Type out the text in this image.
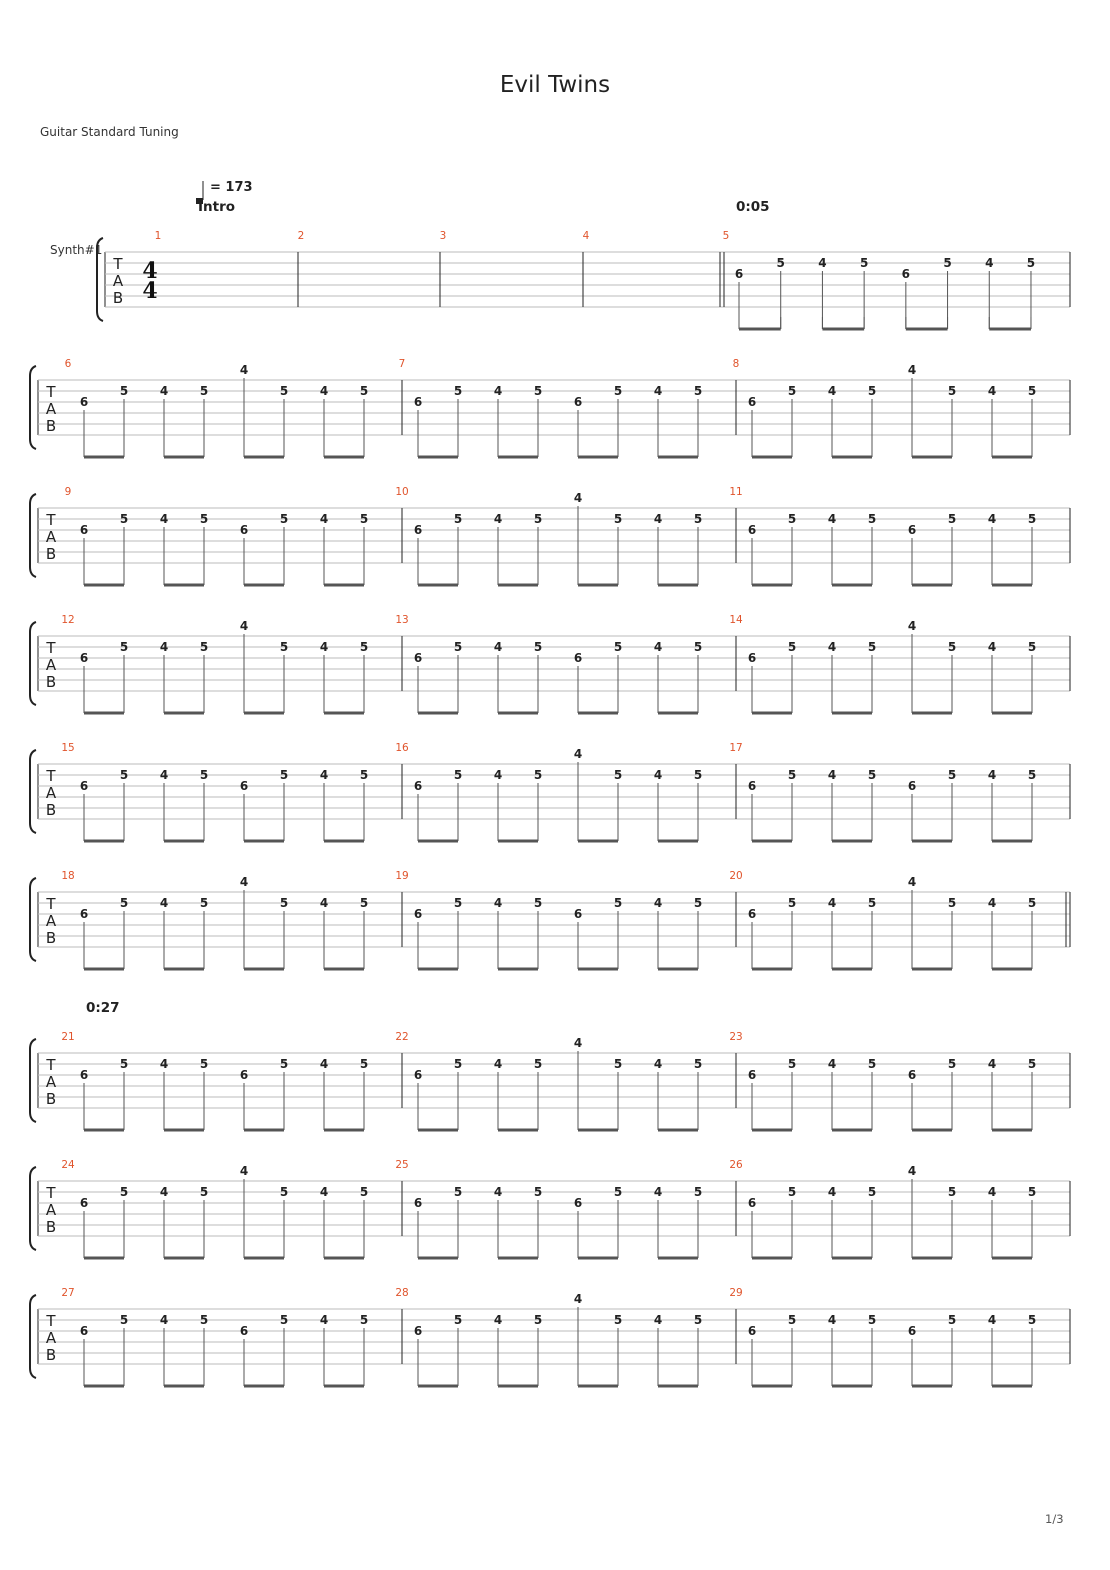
Evil Twins
Guitar Standard Tuning
= 173
Intro	0:05
0:27
Synth#1
1/3
T
A
B
4
4
1	2	3	4	5
6
5	4	5
6
5	4	5
T
A
B
6
6
5	4	5
4
5	4	5
7
6
5	4	5
6
5	4	5
8
6
5	4	5
4
5	4	5
T
A
B
9
6
5	4	5
6
5	4	5
10
6
5	4	5
4
5	4	5
11
6
5	4	5
6
5	4	5
T
A
B
12
6
5	4	5
4
5	4	5
13
6
5	4	5
6
5	4	5
14
6
5	4	5
4
5	4	5
T
A
B
15
6
5	4	5
6
5	4	5
16
6
5	4	5
4
5	4	5
17
6
5	4	5
6
5	4	5
T
A
B
18
6
5	4	5
4
5	4	5
19
6
5	4	5
6
5	4	5
20
6
5	4	5
4
5	4	5
T
A
B
21
6
5	4	5
6
5	4	5
22
6
5	4	5
4
5	4	5
23
6
5	4	5
6
5	4	5
T
A
B
24
6
5	4	5
4
5	4	5
25
6
5	4	5
6
5	4	5
26
6
5	4	5
4
5	4	5
T
A
B
27
6
5	4	5
6
5	4	5
28
6
5	4	5
4
5	4	5
29
6
5	4	5
6
5	4	5
